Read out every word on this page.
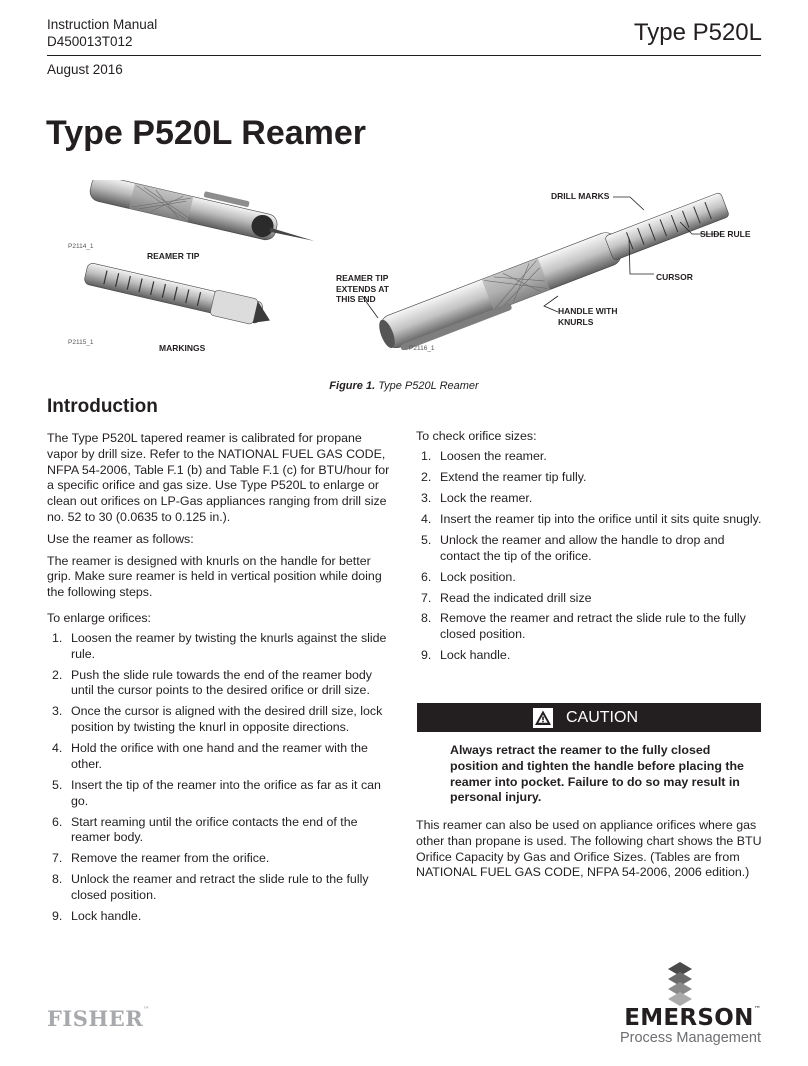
Instruction Manual
D450013T012	Type P520L
August 2016
Type P520L Reamer
P2114_1
REAMER TIP
P2115_1
MARKINGS
DRILL MARKS
SLIDE RULE
CURSOR
REAMER TIP
EXTENDS AT
THIS END
HANDLE WITH
KNURLS
P2116_1
Figure 1. Type P520L Reamer
Introduction

The Type P520L tapered reamer is calibrated for propane vapor by drill size. Refer to the NATIONAL FUEL GAS CODE, NFPA 54-2006, Table F.1 (b) and Table F.1 (c) for BTU/hour for a specific orifice and gas size. Use Type P520L to enlarge or clean out orifices on LP-Gas appliances ranging from drill size no. 52 to 30 (0.0635 to 0.125 in.).

Use the reamer as follows:

The reamer is designed with knurls on the handle for better grip. Make sure reamer is held in vertical position while doing the following steps.

To enlarge orifices:

1. Loosen the reamer by twisting the knurls against the slide rule.
2. Push the slide rule towards the end of the reamer body until the cursor points to the desired orifice or drill size.
3. Once the cursor is aligned with the desired drill size, lock position by twisting the knurl in opposite directions.
4. Hold the orifice with one hand and the reamer with the other.
5. Insert the tip of the reamer into the orifice as far as it can go.
6. Start reaming until the orifice contacts the end of the reamer body.
7. Remove the reamer from the orifice.
8. Unlock the reamer and retract the slide rule to the fully closed position.
9. Lock handle.

To check orifice sizes:

1. Loosen the reamer.
2. Extend the reamer tip fully.
3. Lock the reamer.
4. Insert the reamer tip into the orifice until it sits quite snugly.
5. Unlock the reamer and allow the handle to drop and contact the tip of the orifice.
6. Lock position.
7. Read the indicated drill size
8. Remove the reamer and retract the slide rule to the fully closed position.
9. Lock handle.
CAUTION
Always retract the reamer to the fully closed position and tighten the handle before placing the reamer into pocket. Failure to do so may result in personal injury.

This reamer can also be used on appliance orifices where gas other than propane is used. The following chart shows the BTU Orifice Capacity by Gas and Orifice Sizes. (Tables are from NATIONAL FUEL GAS CODE, NFPA 54-2006, 2006 edition.)

FISHER™	EMERSON™
Process Management
